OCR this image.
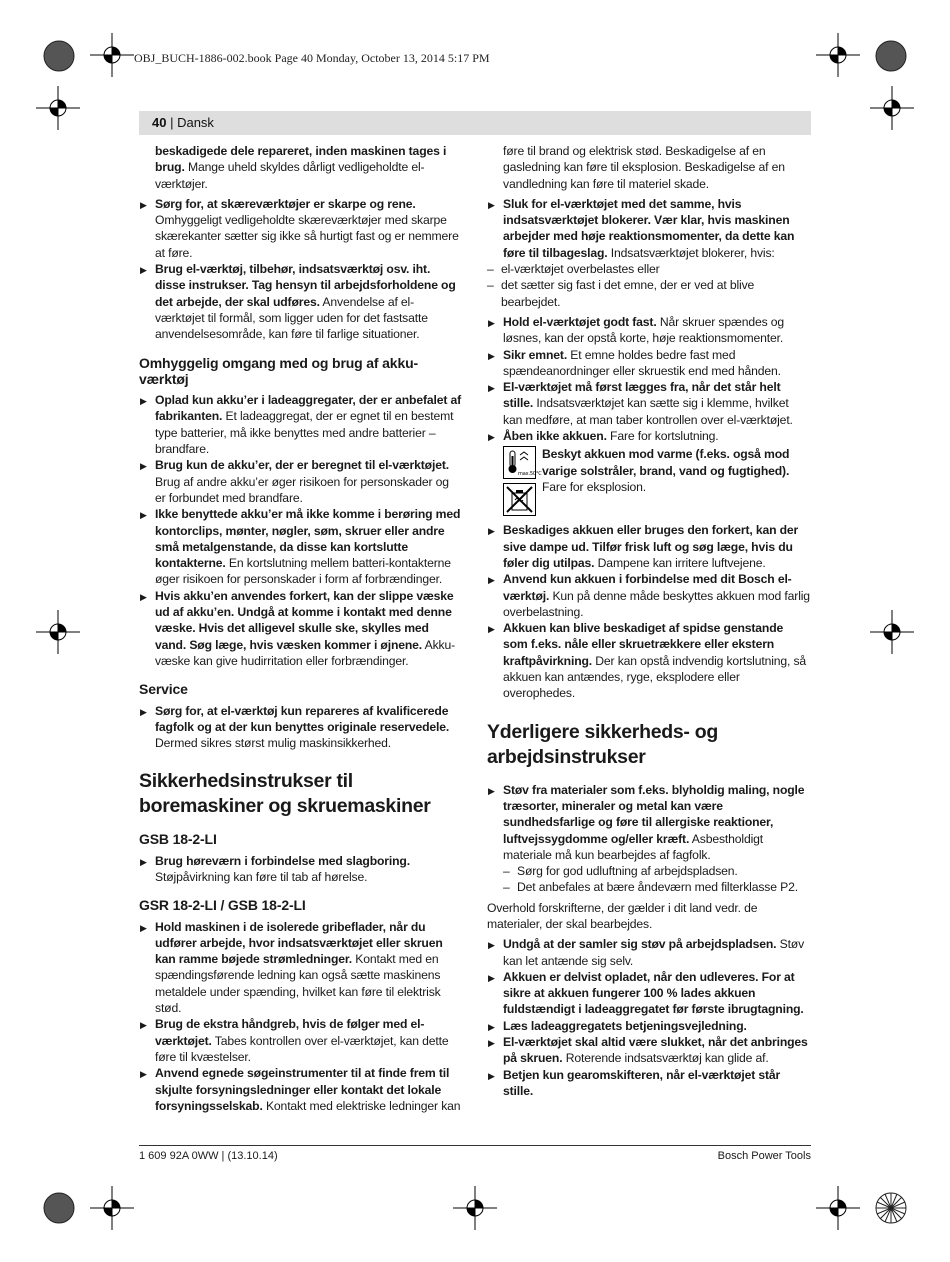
OBJ_BUCH-1886-002.book Page 40 Monday, October 13, 2014 5:17 PM
40 | Dansk

beskadigede dele repareret, inden maskinen tages i brug. Mange uheld skyldes dårligt vedligeholdte el-værktøjer.

▶ Sørg for, at skæreværktøjer er skarpe og rene. Omhyggeligt vedligeholdte skæreværktøjer med skarpe skærekanter sætter sig ikke så hurtigt fast og er nemmere at føre.

▶ Brug el-værktøj, tilbehør, indsatsværktøj osv. iht. disse instrukser. Tag hensyn til arbejdsforholdene og det arbejde, der skal udføres. Anvendelse af el-værktøjet til formål, som ligger uden for det fastsatte anvendelsesområde, kan føre til farlige situationer.

Omhyggelig omgang med og brug af akku-værktøj

▶ Oplad kun akku’er i ladeaggregater, der er anbefalet af fabrikanten. Et ladeaggregat, der er egnet til en bestemt type batterier, må ikke benyttes med andre batterier – brandfare.

▶ Brug kun de akku’er, der er beregnet til el-værktøjet. Brug af andre akku’er øger risikoen for personskader og er forbundet med brandfare.

▶ Ikke benyttede akku’er må ikke komme i berøring med kontorclips, mønter, nøgler, søm, skruer eller andre små metalgenstande, da disse kan kortslutte kontakterne. En kortslutning mellem batteri-kontakterne øger risikoen for personskader i form af forbrændinger.

▶ Hvis akku’en anvendes forkert, kan der slippe væske ud af akku’en. Undgå at komme i kontakt med denne væske. Hvis det alligevel skulle ske, skylles med vand. Søg læge, hvis væsken kommer i øjnene. Akku-væske kan give hudirritation eller forbrændinger.

Service

▶ Sørg for, at el-værktøj kun repareres af kvalificerede fagfolk og at der kun benyttes originale reservedele. Dermed sikres størst mulig maskinsikkerhed.

Sikkerhedsinstrukser til boremaskiner og skruemaskiner
GSB 18-2-LI

▶ Brug høreværn i forbindelse med slagboring. Støjpåvirkning kan føre til tab af hørelse.

GSR 18-2-LI / GSB 18-2-LI

▶ Hold maskinen i de isolerede gribeflader, når du udfører arbejde, hvor indsatsværktøjet eller skruen kan ramme bøjede strømledninger. Kontakt med en spændingsførende ledning kan også sætte maskinens metaldele under spænding, hvilket kan føre til elektrisk stød.

▶ Brug de ekstra håndgreb, hvis de følger med el-værktøjet. Tabes kontrollen over el-værktøjet, kan dette føre til kvæstelser.

▶ Anvend egnede søgeinstrumenter til at finde frem til skjulte forsyningsledninger eller kontakt det lokale forsyningsselskab. Kontakt med elektriske ledninger kan

føre til brand og elektrisk stød. Beskadigelse af en gasledning kan føre til eksplosion. Beskadigelse af en vandledning kan føre til materiel skade.

▶ Sluk for el-værktøjet med det samme, hvis indsatsværktøjet blokerer. Vær klar, hvis maskinen arbejder med høje reaktionsmomenter, da dette kan føre til tilbageslag. Indsatsværktøjet blokerer, hvis:
– el-værktøjet overbelastes eller
– det sætter sig fast i det emne, der er ved at blive bearbejdet.

▶ Hold el-værktøjet godt fast. Når skruer spændes og løsnes, kan der opstå korte, høje reaktionsmomenter.

▶ Sikr emnet. Et emne holdes bedre fast med spændeanordninger eller skruestik end med hånden.

▶ El-værktøjet må først lægges fra, når det står helt stille. Indsatsværktøjet kan sætte sig i klemme, hvilket kan medføre, at man taber kontrollen over el-værktøjet.

▶ Åben ikke akkuen. Fare for kortslutning.

max.50°C

Beskyt akkuen mod varme (f.eks. også mod varige solstråler, brand, vand og fugtighed). Fare for eksplosion.

▶ Beskadiges akkuen eller bruges den forkert, kan der sive dampe ud. Tilfør frisk luft og søg læge, hvis du føler dig utilpas. Dampene kan irritere luftvejene.

▶ Anvend kun akkuen i forbindelse med dit Bosch el-værktøj. Kun på denne måde beskyttes akkuen mod farlig overbelastning.

▶ Akkuen kan blive beskadiget af spidse genstande som f.eks. nåle eller skruetrækkere eller ekstern kraftpåvirkning. Der kan opstå indvendig kortslutning, så akkuen kan antændes, ryge, eksplodere eller overophedes.

Yderligere sikkerheds- og arbejdsinstrukser
▶ Støv fra materialer som f.eks. blyholdig maling, nogle træsorter, mineraler og metal kan være sundhedsfarlige og føre til allergiske reaktioner, luftvejssygdomme og/eller kræft. Asbestholdigt materiale må kun bearbejdes af fagfolk.
– Sørg for god udluftning af arbejdspladsen.
– Det anbefales at bære åndeværn med filterklasse P2.

Overhold forskrifterne, der gælder i dit land vedr. de materialer, der skal bearbejdes.

▶ Undgå at der samler sig støv på arbejdspladsen. Støv kan let antænde sig selv.

▶ Akkuen er delvist opladet, når den udleveres. For at sikre at akkuen fungerer 100 % lades akkuen fuldstændigt i ladeaggregatet før første ibrugtagning.

▶ Læs ladeaggregatets betjeningsvejledning.

▶ El-værktøjet skal altid være slukket, når det anbringes på skruen. Roterende indsatsværktøj kan glide af.

▶ Betjen kun gearomskifteren, når el-værktøjet står stille.

1 609 92A 0WW | (13.10.14)	Bosch Power Tools
